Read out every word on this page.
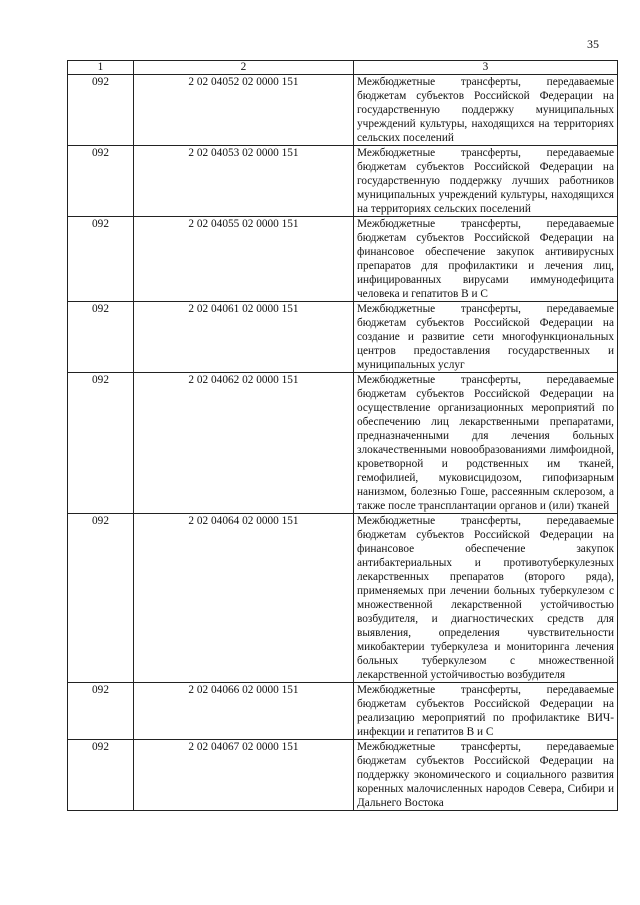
35
1	2	3
092	2 02 04052 02 0000 151	Межбюджетные трансферты, передаваемые бюджетам субъектов Российской Федерации на государственную поддержку муниципальных учреждений культуры, находящихся на территориях сельских поселений
092	2 02 04053 02 0000 151	Межбюджетные трансферты, передаваемые бюджетам субъектов Российской Федерации на государственную поддержку лучших работников муниципальных учреждений культуры, находящихся на территориях сельских поселений
092	2 02 04055 02 0000 151	Межбюджетные трансферты, передаваемые бюджетам субъектов Российской Федерации на финансовое обеспечение закупок антивирусных препаратов для профилактики и лечения лиц, инфицированных вирусами иммунодефицита человека и гепатитов B и C
092	2 02 04061 02 0000 151	Межбюджетные трансферты, передаваемые бюджетам субъектов Российской Федерации на создание и развитие сети многофункциональных центров предоставления государственных и муниципальных услуг
092	2 02 04062 02 0000 151	Межбюджетные трансферты, передаваемые бюджетам субъектов Российской Федерации на осуществление организационных мероприятий по обеспечению лиц лекарственными препаратами, предназначенными для лечения больных злокачественными новообразованиями лимфоидной, кроветворной и родственных им тканей, гемофилией, муковисцидозом, гипофизарным нанизмом, болезнью Гоше, рассеянным склерозом, а также после трансплантации органов и (или) тканей
092	2 02 04064 02 0000 151	Межбюджетные трансферты, передаваемые бюджетам субъектов Российской Федерации на финансовое обеспечение закупок антибактериальных и противотуберкулезных лекарственных препаратов (второго ряда), применяемых при лечении больных туберкулезом с множественной лекарственной устойчивостью возбудителя, и диагностических средств для выявления, определения чувствительности микобактерии туберкулеза и мониторинга лечения больных туберкулезом с множественной лекарственной устойчивостью возбудителя
092	2 02 04066 02 0000 151	Межбюджетные трансферты, передаваемые бюджетам субъектов Российской Федерации на реализацию мероприятий по профилактике ВИЧ-инфекции и гепатитов B и C
092	2 02 04067 02 0000 151	Межбюджетные трансферты, передаваемые бюджетам субъектов Российской Федерации на поддержку экономического и социального развития коренных малочисленных народов Севера, Сибири и Дальнего Востока
